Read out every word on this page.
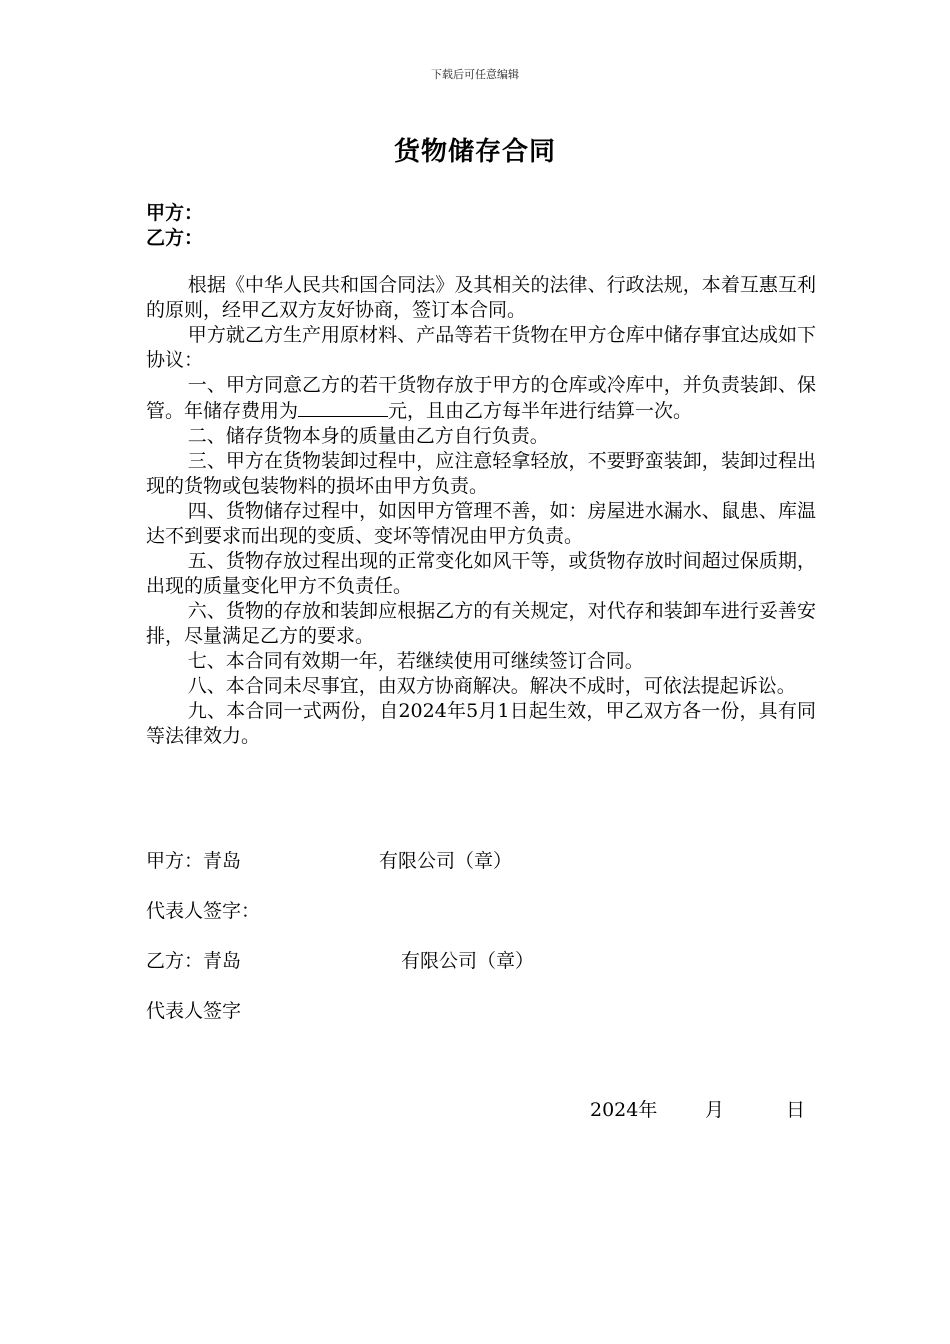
下载后可任意编辑
货物储存合同
甲方：
乙方：

根据《中华人民共和国合同法》及其相关的法律、行政法规，本着互惠互利的原则，经甲乙双方友好协商，签订本合同。

甲方就乙方生产用原材料、产品等若干货物在甲方仓库中储存事宜达成如下协议：

一、甲方同意乙方的若干货物存放于甲方的仓库或冷库中，并负责装卸、保管。年储存费用为	元，且由乙方每半年进行结算一次。

二、储存货物本身的质量由乙方自行负责。

三、甲方在货物装卸过程中，应注意轻拿轻放，不要野蛮装卸，装卸过程出现的货物或包装物料的损坏由甲方负责。

四、货物储存过程中，如因甲方管理不善，如：房屋进水漏水、鼠患、库温达不到要求而出现的变质、变坏等情况由甲方负责。

五、货物存放过程出现的正常变化如风干等，或货物存放时间超过保质期，出现的质量变化甲方不负责任。

六、货物的存放和装卸应根据乙方的有关规定，对代存和装卸车进行妥善安排，尽量满足乙方的要求。

七、本合同有效期一年，若继续使用可继续签订合同。

八、本合同未尽事宜，由双方协商解决。解决不成时，可依法提起诉讼。

九、本合同一式两份，自2024年5月1日起生效，甲乙双方各一份，具有同等法律效力。

甲方：青岛	有限公司（章）
代表人签字：
乙方：青岛	有限公司（章）
代表人签字
2024年	月	日
